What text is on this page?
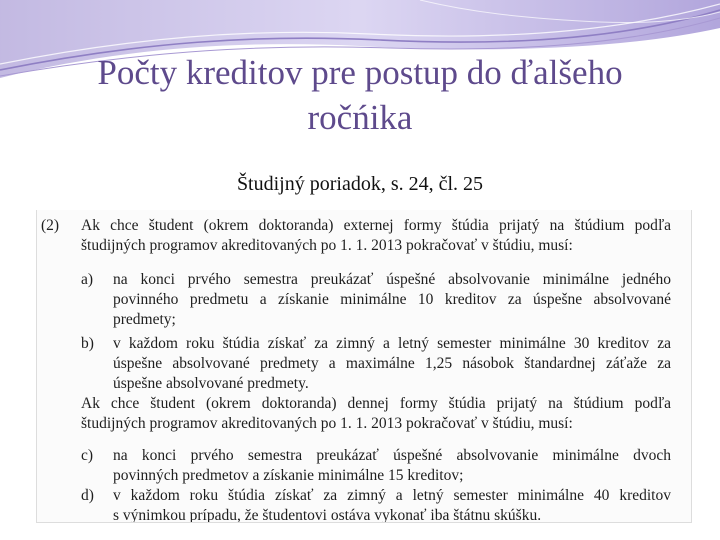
Počty kreditov pre postup do ďalšeho
ročńika
Študijný poriadok, s. 24, čl. 25
(2) Ak chce študent (okrem doktoranda) externej formy štúdia prijatý na štúdium podľa
študijných programov akreditovaných po 1. 1. 2013 pokračovať v štúdiu, musí:
a) na konci prvého semestra preukázať úspešné absolvovanie minimálne jedného
povinného predmetu a získanie minimálne 10 kreditov za úspešne absolvované
predmety;
b) v každom roku štúdia získať za zimný a letný semester minimálne 30 kreditov za
úspešne absolvované predmety a maximálne 1,25 násobok štandardnej záťaže za
úspešne absolvované predmety.
Ak chce študent (okrem doktoranda) dennej formy štúdia prijatý na štúdium podľa
študijných programov akreditovaných po 1. 1. 2013 pokračovať v štúdiu, musí:
c) na konci prvého semestra preukázať úspešné absolvovanie minimálne dvoch
povinných predmetov a získanie minimálne 15 kreditov;
d) v každom roku štúdia získať za zimný a letný semester minimálne 40 kreditov
s výnimkou prípadu, že študentovi ostáva vykonať iba štátnu skúšku.
